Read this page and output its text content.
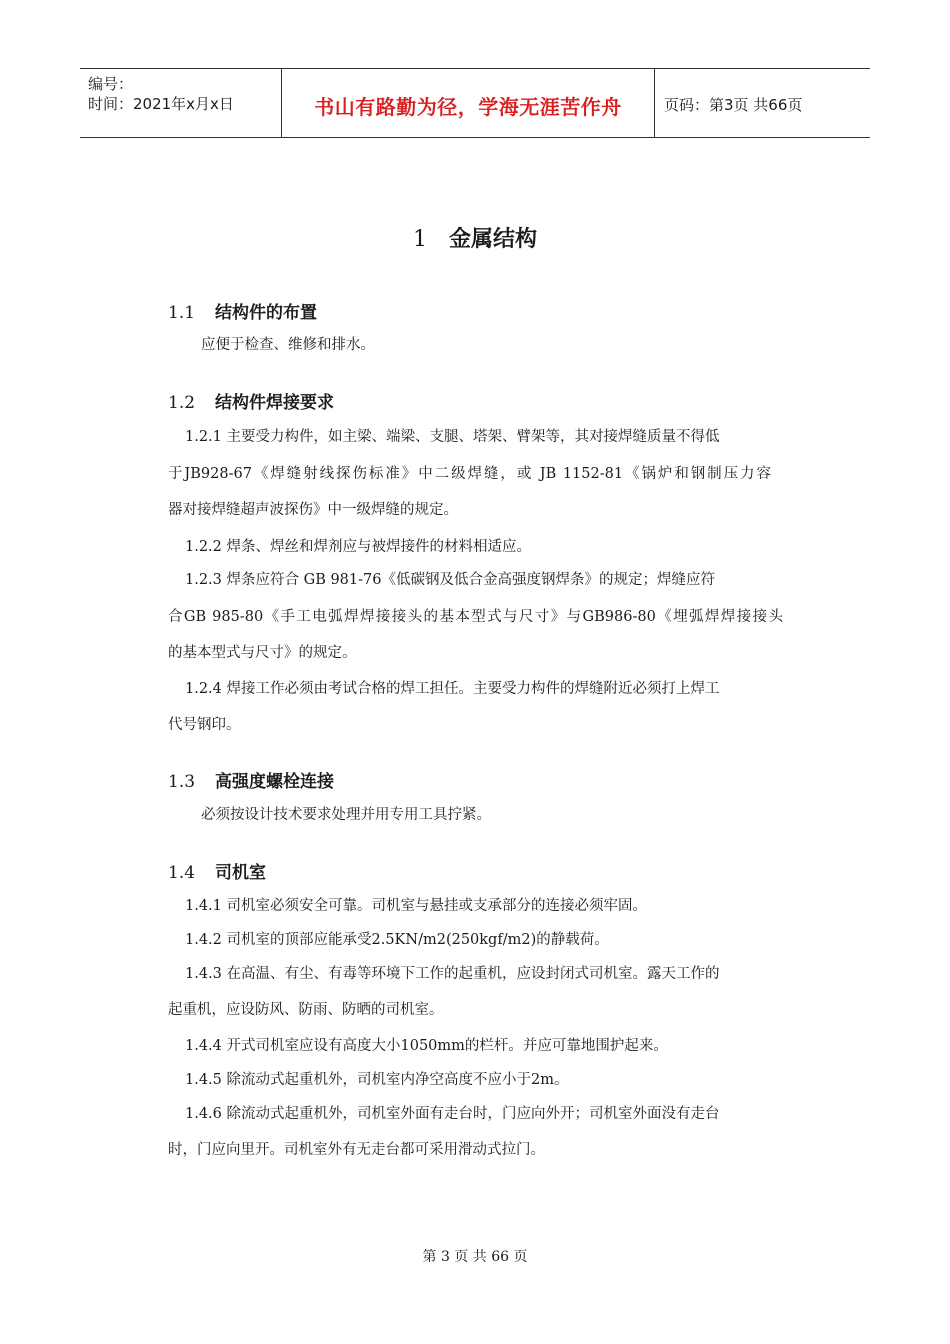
编号：
时间：2021年x月x日	书山有路勤为径，学海无涯苦作舟	页码：第3页 共66页
1 金属结构
1.1 结构件的布置
应便于检查、维修和排水。
1.2 结构件焊接要求
1.2.1 主要受力构件，如主梁、端梁、支腿、塔架、臂架等，其对接焊缝质量不得低
于JB928-67《焊缝射线探伤标准》中二级焊缝，或 JB 1152-81《锅炉和钢制压力容
器对接焊缝超声波探伤》中一级焊缝的规定。
1.2.2 焊条、焊丝和焊剂应与被焊接件的材料相适应。
1.2.3 焊条应符合 GB 981-76《低碳钢及低合金高强度钢焊条》的规定；焊缝应符
合GB 985-80《手工电弧焊焊接接头的基本型式与尺寸》与GB986-80《埋弧焊焊接接头
的基本型式与尺寸》的规定。
1.2.4 焊接工作必须由考试合格的焊工担任。主要受力构件的焊缝附近必须打上焊工
代号钢印。
1.3 高强度螺栓连接
必须按设计技术要求处理并用专用工具拧紧。
1.4 司机室
1.4.1 司机室必须安全可靠。司机室与悬挂或支承部分的连接必须牢固。
1.4.2 司机室的顶部应能承受2.5KN/m2(250kgf/m2)的静载荷。
1.4.3 在高温、有尘、有毒等环境下工作的起重机，应设封闭式司机室。露天工作的
起重机，应设防风、防雨、防晒的司机室。
1.4.4 开式司机室应设有高度大小1050mm的栏杆。并应可靠地围护起来。
1.4.5 除流动式起重机外，司机室内净空高度不应小于2m。
1.4.6 除流动式起重机外，司机室外面有走台时，门应向外开；司机室外面没有走台
时，门应向里开。司机室外有无走台都可采用滑动式拉门。
第 3 页 共 66 页
